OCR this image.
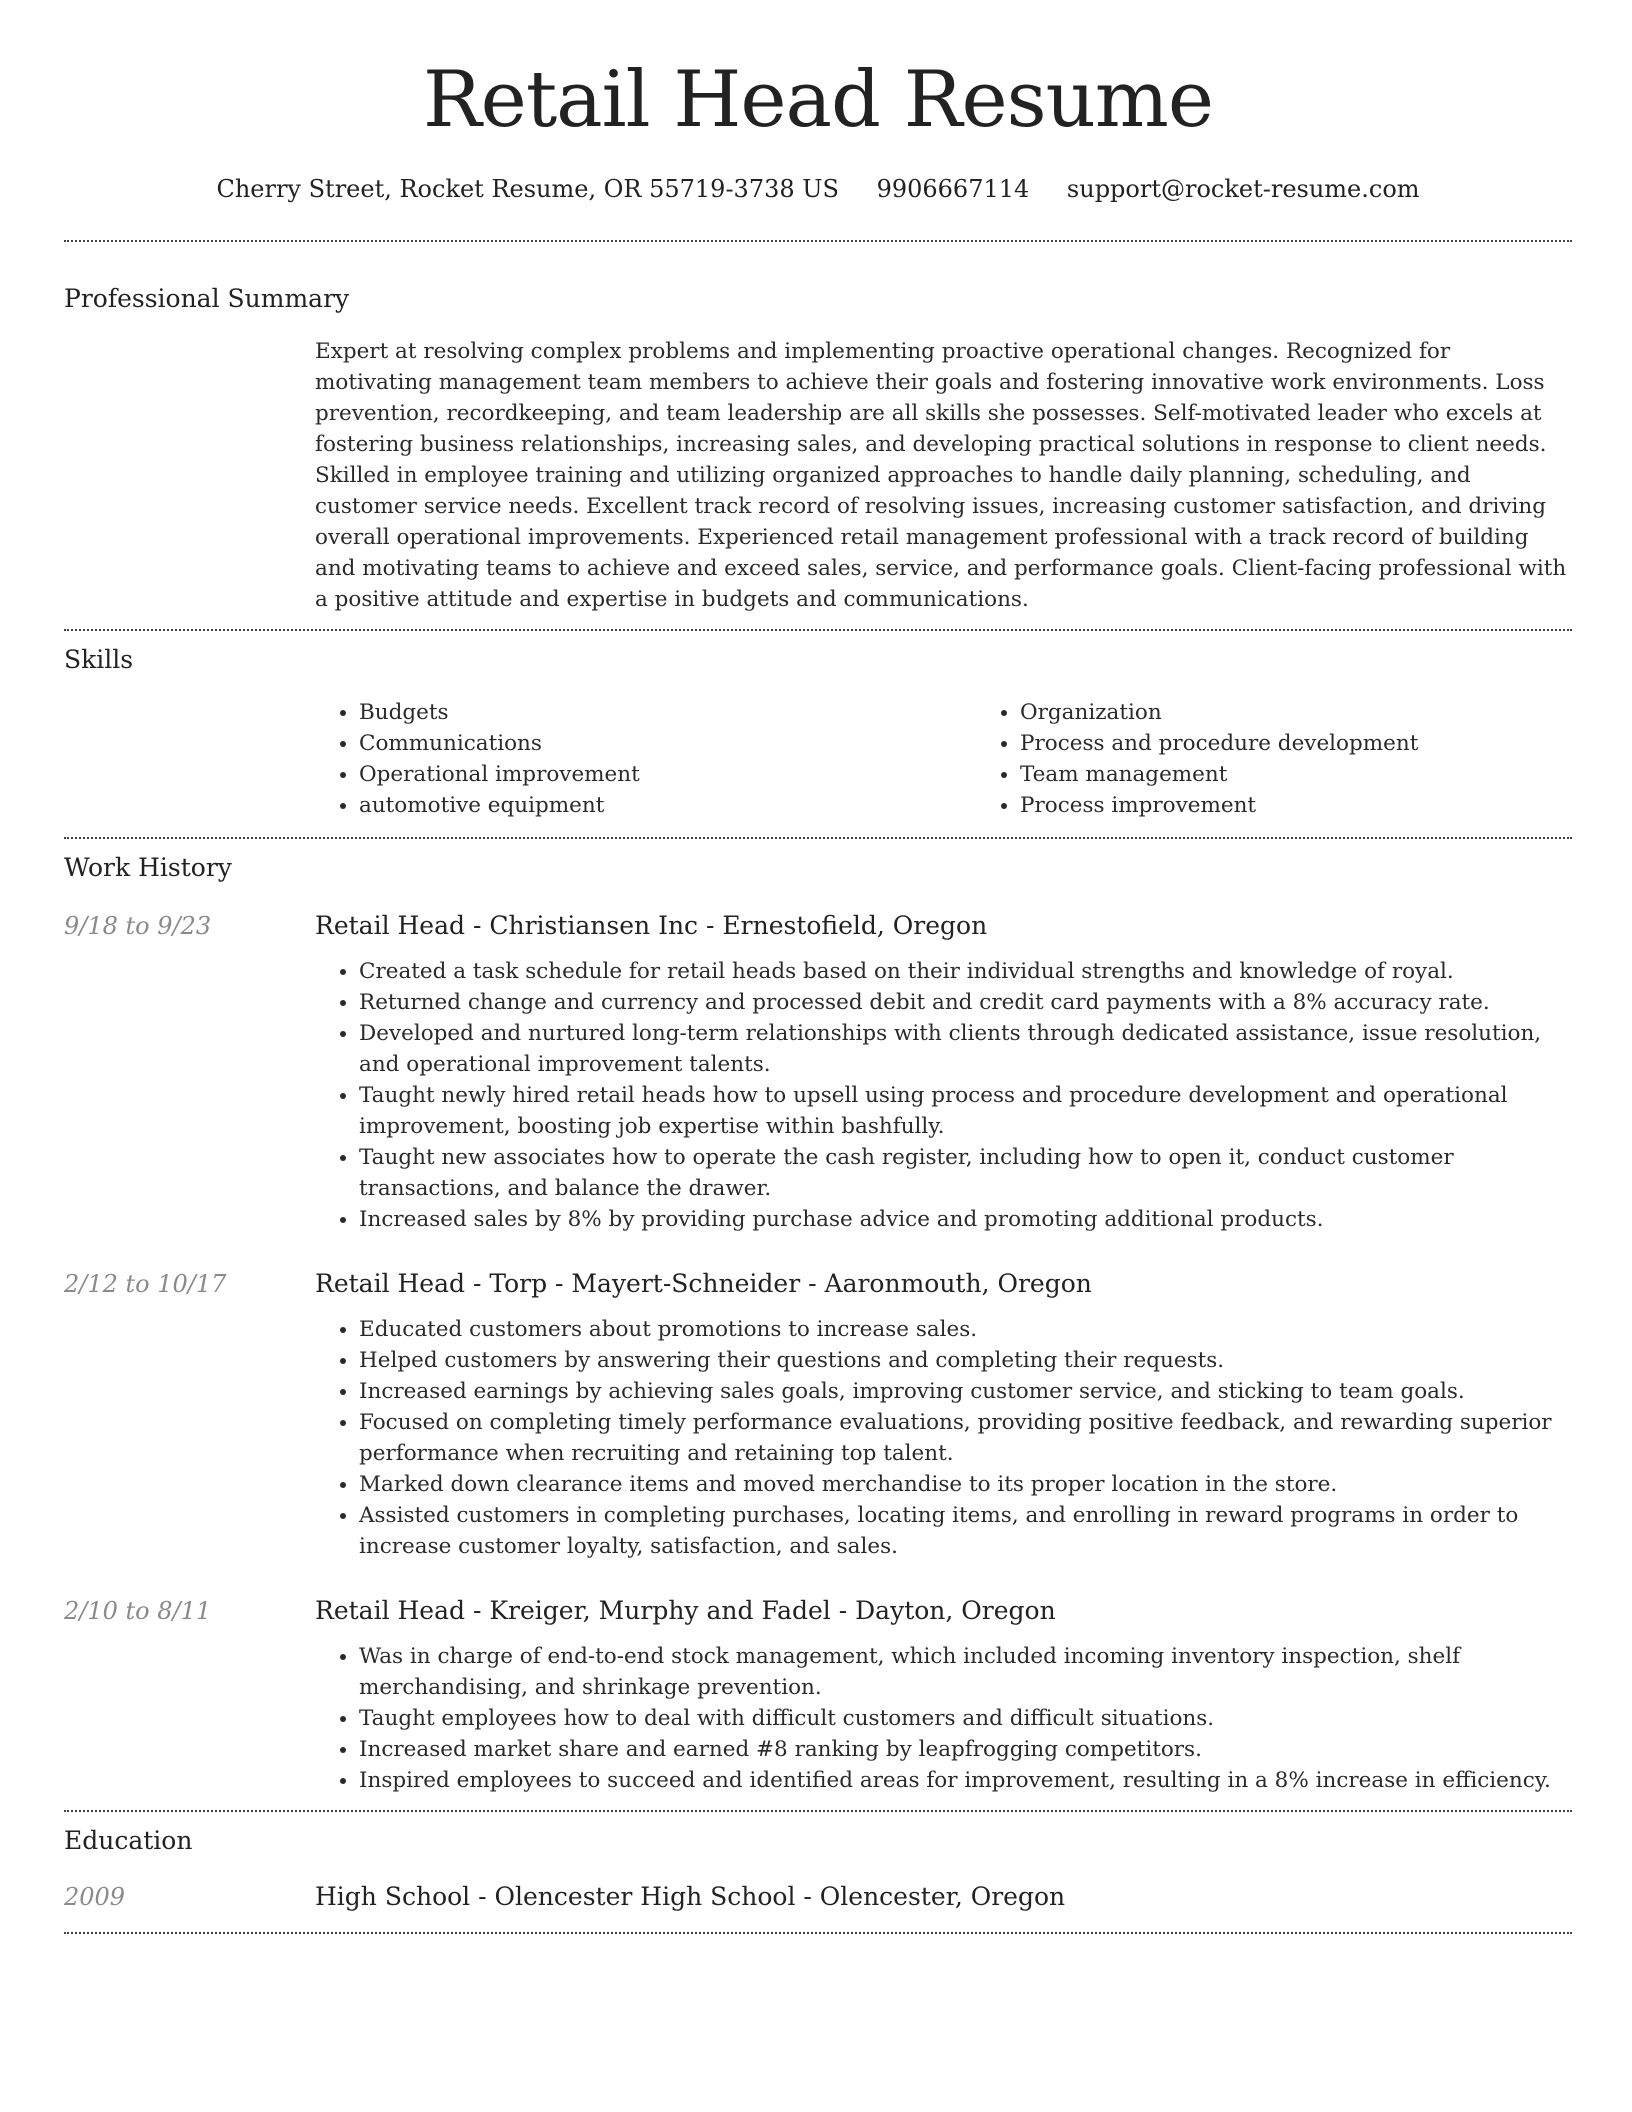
Retail Head Resume
Cherry Street, Rocket Resume, OR 55719-3738 US 9906667114 support@rocket-resume.com
Professional Summary
Expert at resolving complex problems and implementing proactive operational changes. Recognized for motivating management team members to achieve their goals and fostering innovative work environments. Loss prevention, recordkeeping, and team leadership are all skills she possesses. Self-motivated leader who excels at fostering business relationships, increasing sales, and developing practical solutions in response to client needs. Skilled in employee training and utilizing organized approaches to handle daily planning, scheduling, and customer service needs. Excellent track record of resolving issues, increasing customer satisfaction, and driving overall operational improvements. Experienced retail management professional with a track record of building and motivating teams to achieve and exceed sales, service, and performance goals. Client-facing professional with a positive attitude and expertise in budgets and communications.
Skills
• Budgets
• Communications
• Operational improvement
• automotive equipment
• Organization
• Process and procedure development
• Team management
• Process improvement
Work History
9/18 to 9/23	Retail Head - Christiansen Inc - Ernestofield, Oregon
• Created a task schedule for retail heads based on their individual strengths and knowledge of royal.
• Returned change and currency and processed debit and credit card payments with a 8% accuracy rate.
• Developed and nurtured long-term relationships with clients through dedicated assistance, issue resolution, and operational improvement talents.
• Taught newly hired retail heads how to upsell using process and procedure development and operational improvement, boosting job expertise within bashfully.
• Taught new associates how to operate the cash register, including how to open it, conduct customer transactions, and balance the drawer.
• Increased sales by 8% by providing purchase advice and promoting additional products.
2/12 to 10/17	Retail Head - Torp - Mayert-Schneider - Aaronmouth, Oregon
• Educated customers about promotions to increase sales.
• Helped customers by answering their questions and completing their requests.
• Increased earnings by achieving sales goals, improving customer service, and sticking to team goals.
• Focused on completing timely performance evaluations, providing positive feedback, and rewarding superior performance when recruiting and retaining top talent.
• Marked down clearance items and moved merchandise to its proper location in the store.
• Assisted customers in completing purchases, locating items, and enrolling in reward programs in order to increase customer loyalty, satisfaction, and sales.
2/10 to 8/11	Retail Head - Kreiger, Murphy and Fadel - Dayton, Oregon
• Was in charge of end-to-end stock management, which included incoming inventory inspection, shelf merchandising, and shrinkage prevention.
• Taught employees how to deal with difficult customers and difficult situations.
• Increased market share and earned #8 ranking by leapfrogging competitors.
• Inspired employees to succeed and identified areas for improvement, resulting in a 8% increase in efficiency.
Education
2009	High School - Olencester High School - Olencester, Oregon
